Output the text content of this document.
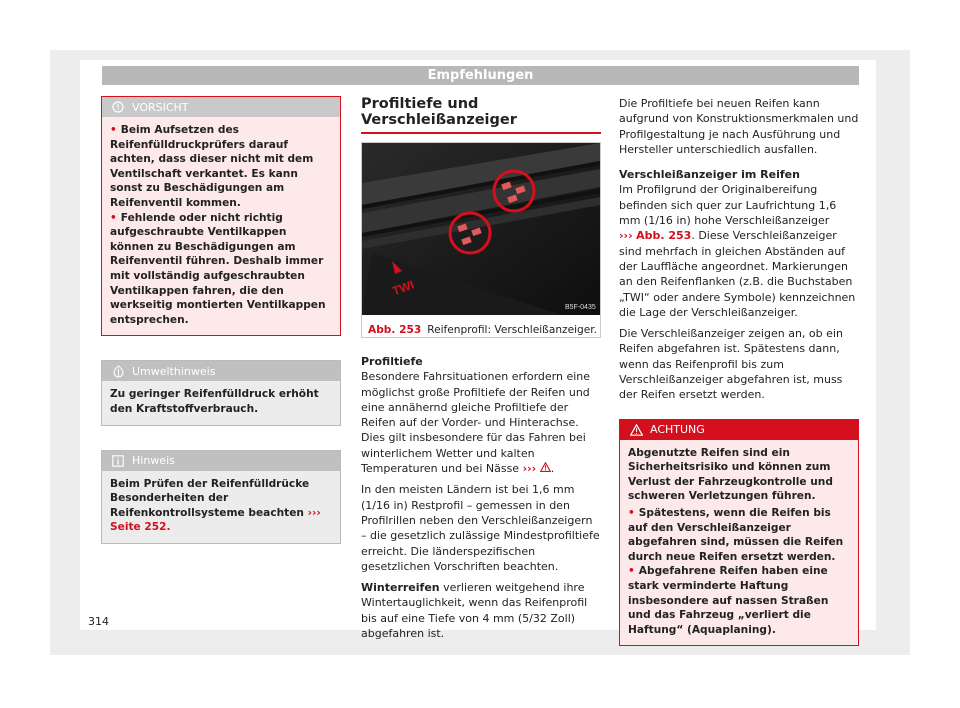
Empfehlungen
VORSICHT
• Beim Aufsetzen des Reifenfülldruckprüfers darauf achten, dass dieser nicht mit dem Ventilschaft verkantet. Es kann sonst zu Beschädigungen am Reifenventil kommen.
• Fehlende oder nicht richtig aufgeschraubte Ventilkappen können zu Beschädigungen am Reifenventil führen. Deshalb immer mit vollständig aufgeschraubten Ventilkappen fahren, die den werkseitig montierten Ventilkappen entsprechen.
Umwelthinweis
Zu geringer Reifenfülldruck erhöht den Kraftstoffverbrauch.
Hinweis
Beim Prüfen der Reifenfülldrücke Besonderheiten der Reifenkontrollsysteme beachten ››› Seite 252.
Profiltiefe und Verschleißanzeiger
TWI
B5F-0435
Abb. 253 Reifenprofil: Verschleißanzeiger.
Profiltiefe

Besondere Fahrsituationen erfordern eine möglichst große Profiltiefe der Reifen und eine annähernd gleiche Profiltiefe der Reifen auf der Vorder- und Hinterachse. Dies gilt insbesondere für das Fahren bei winterlichem Wetter und kalten Temperaturen und bei Nässe ››› .

In den meisten Ländern ist bei 1,6 mm (1/16 in) Restprofil – gemessen in den Profilrillen neben den Verschleißanzeigern – die gesetzlich zulässige Mindestprofiltiefe erreicht. Die länderspezifischen gesetzlichen Vorschriften beachten.

Winterreifen verlieren weitgehend ihre Wintertauglichkeit, wenn das Reifenprofil bis auf eine Tiefe von 4 mm (5/32 Zoll) abgefahren ist.

Die Profiltiefe bei neuen Reifen kann aufgrund von Konstruktionsmerkmalen und Profilgestaltung je nach Ausführung und Hersteller unterschiedlich ausfallen.

Verschleißanzeiger im Reifen

Im Profilgrund der Originalbereifung befinden sich quer zur Laufrichtung 1,6 mm (1/16 in) hohe Verschleißanzeiger
››› Abb. 253. Diese Verschleißanzeiger sind mehrfach in gleichen Abständen auf der Lauffläche angeordnet. Markierungen an den Reifenflanken (z.B. die Buchstaben „TWI“ oder andere Symbole) kennzeichnen die Lage der Verschleißanzeiger.

Die Verschleißanzeiger zeigen an, ob ein Reifen abgefahren ist. Spätestens dann, wenn das Reifenprofil bis zum Verschleißanzeiger abgefahren ist, muss der Reifen ersetzt werden.

ACHTUNG
Abgenutzte Reifen sind ein Sicherheitsrisiko und können zum Verlust der Fahrzeugkontrolle und schweren Verletzungen führen.
• Spätestens, wenn die Reifen bis auf den Verschleißanzeiger abgefahren sind, müssen die Reifen durch neue Reifen ersetzt werden.
• Abgefahrene Reifen haben eine stark verminderte Haftung insbesondere auf nassen Straßen und das Fahrzeug „verliert die Haftung“ (Aquaplaning).
314
